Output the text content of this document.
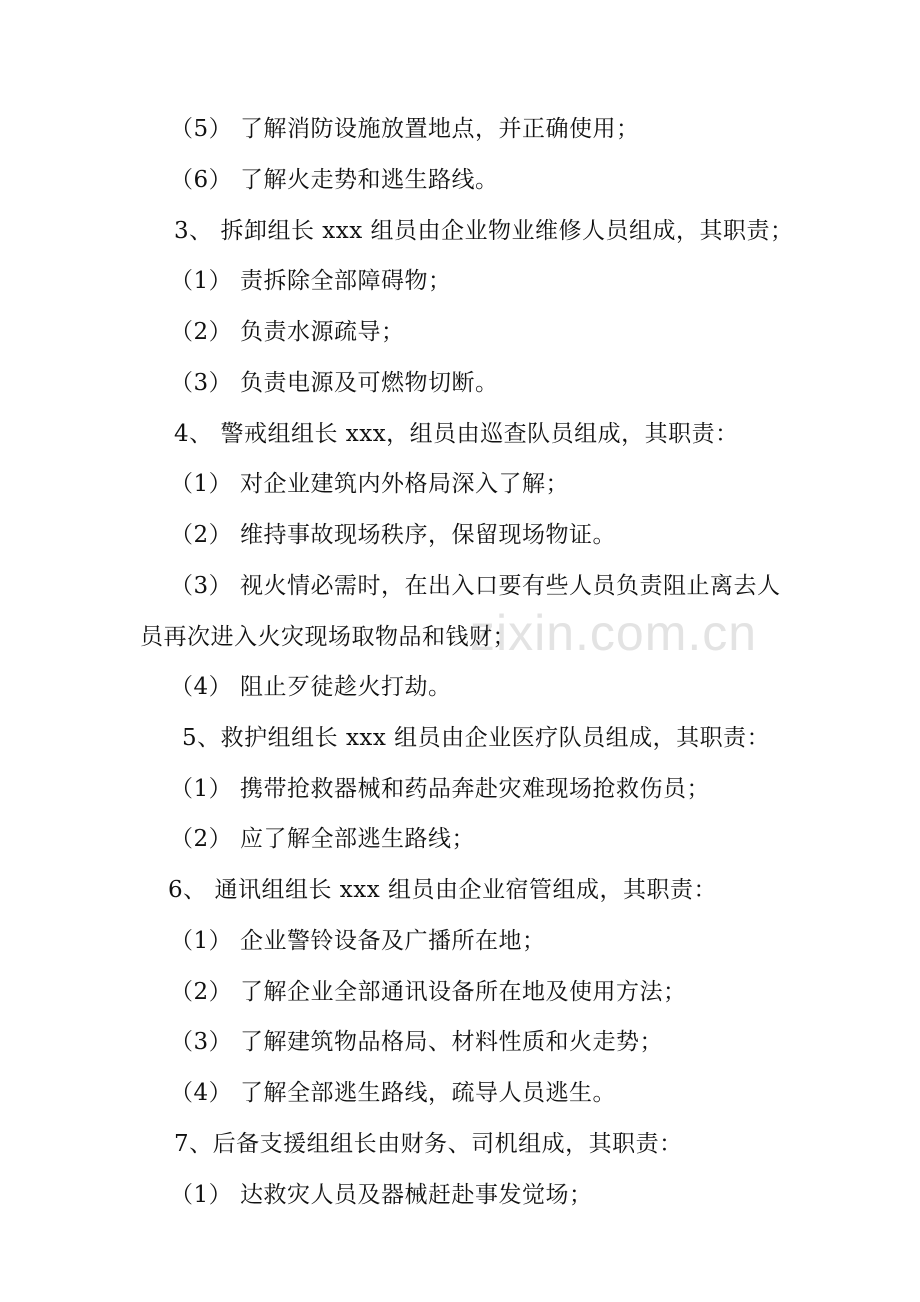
zixin.com.cn
（5） 了解消防设施放置地点，并正确使用；
（6） 了解火走势和逃生路线。
3、 拆卸组长 xxx 组员由企业物业维修人员组成，其职责；
（1） 责拆除全部障碍物；
（2） 负责水源疏导；
（3） 负责电源及可燃物切断。
4、 警戒组组长 xxx，组员由巡查队员组成，其职责：
（1） 对企业建筑内外格局深入了解；
（2） 维持事故现场秩序，保留现场物证。
（3） 视火情必需时，在出入口要有些人员负责阻止离去人
员再次进入火灾现场取物品和钱财；
（4） 阻止歹徒趁火打劫。
5、救护组组长 xxx 组员由企业医疗队员组成，其职责：
（1） 携带抢救器械和药品奔赴灾难现场抢救伤员；
（2） 应了解全部逃生路线；
6、 通讯组组长 xxx 组员由企业宿管组成，其职责：
（1） 企业警铃设备及广播所在地；
（2） 了解企业全部通讯设备所在地及使用方法；
（3） 了解建筑物品格局、材料性质和火走势；
（4） 了解全部逃生路线，疏导人员逃生。
7、后备支援组组长由财务、司机组成，其职责：
（1） 达救灾人员及器械赶赴事发觉场；
